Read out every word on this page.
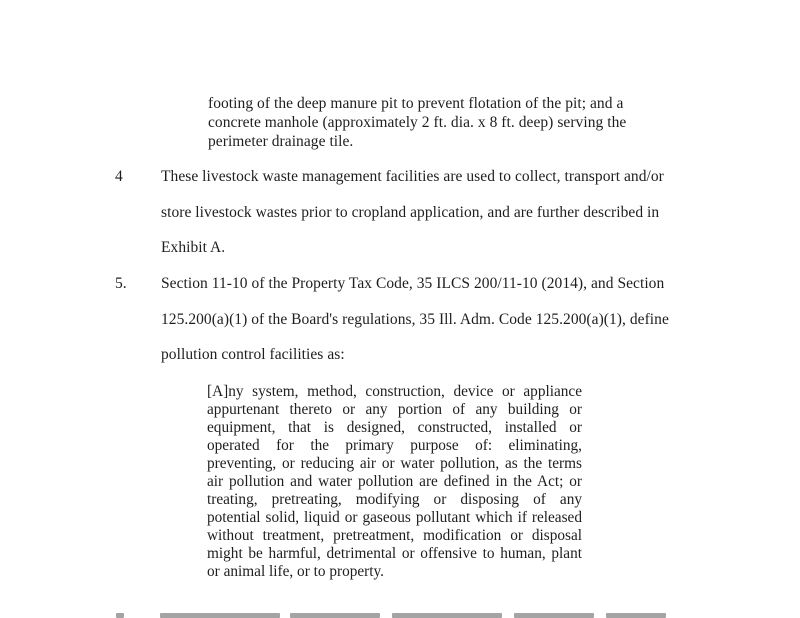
footing of the deep manure pit to prevent flotation of the pit; and a
concrete manhole (approximately 2 ft. dia. x 8 ft. deep) serving the
perimeter drainage tile.
4 These livestock waste management facilities are used to collect, transport and/or
store livestock wastes prior to cropland application, and are further described in
Exhibit A.
5. Section 11-10 of the Property Tax Code, 35 ILCS 200/11-10 (2014), and Section
125.200(a)(1) of the Board's regulations, 35 Ill. Adm. Code 125.200(a)(1), define
pollution control facilities as:
[A]ny system, method, construction, device or appliance
appurtenant thereto or any portion of any building or
equipment, that is designed, constructed, installed or
operated for the primary purpose of: eliminating,
preventing, or reducing air or water pollution, as the terms
air pollution and water pollution are defined in the Act; or
treating, pretreating, modifying or disposing of any
potential solid, liquid or gaseous pollutant which if released
without treatment, pretreatment, modification or disposal
might be harmful, detrimental or offensive to human, plant
or animal life, or to property.
